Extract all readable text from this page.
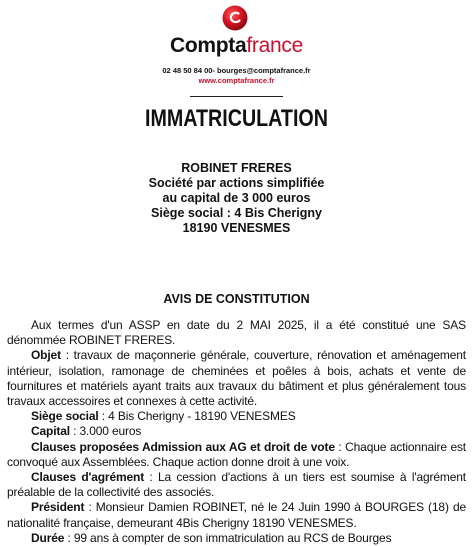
Comptafrance
02 48 50 84 00- bourges@comptafrance.fr
www.comptafrance.fr
IMMATRICULATION
ROBINET FRERES
Société par actions simplifiée
au capital de 3 000 euros
Siège social : 4 Bis Cherigny
18190 VENESMES
AVIS DE CONSTITUTION

Aux termes d'un ASSP en date du 2 MAI 2025, il a été constitué une SAS dénommée ROBINET FRERES.

Objet : travaux de maçonnerie générale, couverture, rénovation et aménagement intérieur, isolation, ramonage de cheminées et poêles à bois, achats et vente de fournitures et matériels ayant traits aux travaux du bâtiment et plus généralement tous travaux accessoires et connexes à cette activité.

Siège social : 4 Bis Cherigny - 18190 VENESMES

Capital : 3.000 euros

Clauses proposées Admission aux AG et droit de vote : Chaque actionnaire est convoqué aux Assemblées. Chaque action donne droit à une voix.

Clauses d'agrément : La cession d'actions à un tiers est soumise à l'agrément préalable de la collectivité des associés.

Président : Monsieur Damien ROBINET, né le 24 Juin 1990 à BOURGES (18) de nationalité française, demeurant 4Bis Cherigny 18190 VENESMES.

Durée : 99 ans à compter de son immatriculation au RCS de Bourges
